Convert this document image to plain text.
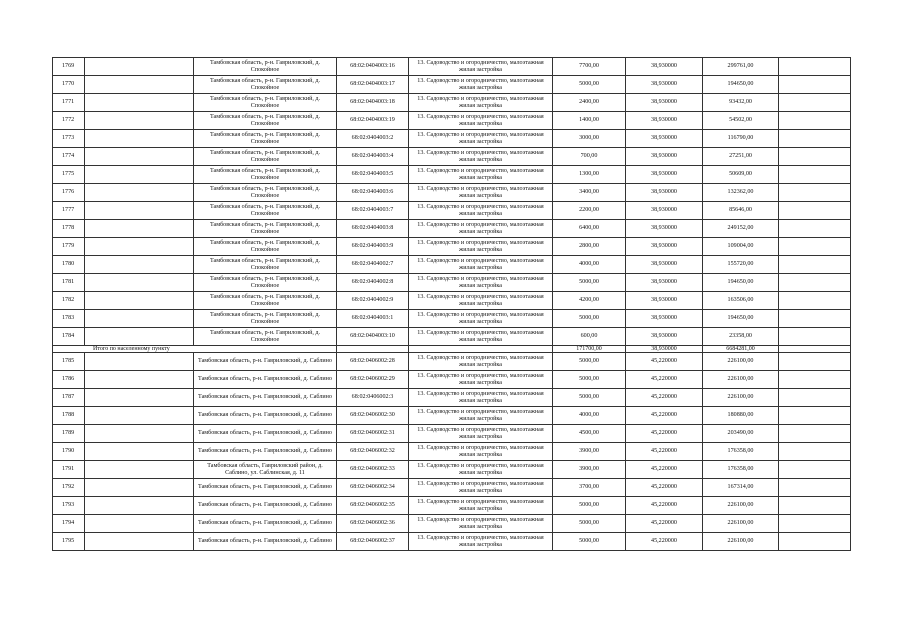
1769		Тамбовская область, р-н. Гавриловский, д. Спокойное	68:02:0404003:16	13. Садоводство и огородничество, малоэтажная жилая застройка	7700,00	38,930000	299761,00	
1770		Тамбовская область, р-н. Гавриловский, д. Спокойное	68:02:0404003:17	13. Садоводство и огородничество, малоэтажная жилая застройка	5000,00	38,930000	194650,00	
1771		Тамбовская область, р-н. Гавриловский, д. Спокойное	68:02:0404003:18	13. Садоводство и огородничество, малоэтажная жилая застройка	2400,00	38,930000	93432,00	
1772		Тамбовская область, р-н. Гавриловский, д. Спокойное	68:02:0404003:19	13. Садоводство и огородничество, малоэтажная жилая застройка	1400,00	38,930000	54502,00	
1773		Тамбовская область, р-н. Гавриловский, д. Спокойное	68:02:0404003:2	13. Садоводство и огородничество, малоэтажная жилая застройка	3000,00	38,930000	116790,00	
1774		Тамбовская область, р-н. Гавриловский, д. Спокойное	68:02:0404003:4	13. Садоводство и огородничество, малоэтажная жилая застройка	700,00	38,930000	27251,00	
1775		Тамбовская область, р-н. Гавриловский, д. Спокойное	68:02:0404003:5	13. Садоводство и огородничество, малоэтажная жилая застройка	1300,00	38,930000	50609,00	
1776		Тамбовская область, р-н. Гавриловский, д. Спокойное	68:02:0404003:6	13. Садоводство и огородничество, малоэтажная жилая застройка	3400,00	38,930000	132362,00	
1777		Тамбовская область, р-н. Гавриловский, д. Спокойное	68:02:0404003:7	13. Садоводство и огородничество, малоэтажная жилая застройка	2200,00	38,930000	85646,00	
1778		Тамбовская область, р-н. Гавриловский, д. Спокойное	68:02:0404003:8	13. Садоводство и огородничество, малоэтажная жилая застройка	6400,00	38,930000	249152,00	
1779		Тамбовская область, р-н. Гавриловский, д. Спокойное	68:02:0404003:9	13. Садоводство и огородничество, малоэтажная жилая застройка	2800,00	38,930000	109004,00	
1780		Тамбовская область, р-н. Гавриловский, д. Спокойное	68:02:0404002:7	13. Садоводство и огородничество, малоэтажная жилая застройка	4000,00	38,930000	155720,00	
1781		Тамбовская область, р-н. Гавриловский, д. Спокойное	68:02:0404002:8	13. Садоводство и огородничество, малоэтажная жилая застройка	5000,00	38,930000	194650,00	
1782		Тамбовская область, р-н. Гавриловский, д. Спокойное	68:02:0404002:9	13. Садоводство и огородничество, малоэтажная жилая застройка	4200,00	38,930000	163506,00	
1783		Тамбовская область, р-н. Гавриловский, д. Спокойное	68:02:0404003:1	13. Садоводство и огородничество, малоэтажная жилая застройка	5000,00	38,930000	194650,00	
1784		Тамбовская область, р-н. Гавриловский, д. Спокойное	68:02:0404003:10	13. Садоводство и огородничество, малоэтажная жилая застройка	600,00	38,930000	23358,00	
Итого по населенному пункту					171700,00	38,930000	6684281,00	
1785		Тамбовская область, р-н. Гавриловский, д. Саблино	68:02:0406002:28	13. Садоводство и огородничество, малоэтажная жилая застройка	5000,00	45,220000	226100,00	
1786		Тамбовская область, р-н. Гавриловский, д. Саблино	68:02:0406002:29	13. Садоводство и огородничество, малоэтажная жилая застройка	5000,00	45,220000	226100,00	
1787		Тамбовская область, р-н. Гавриловский, д. Саблино	68:02:0406002:3	13. Садоводство и огородничество, малоэтажная жилая застройка	5000,00	45,220000	226100,00	
1788		Тамбовская область, р-н. Гавриловский, д. Саблино	68:02:0406002:30	13. Садоводство и огородничество, малоэтажная жилая застройка	4000,00	45,220000	180880,00	
1789		Тамбовская область, р-н. Гавриловский, д. Саблино	68:02:0406002:31	13. Садоводство и огородничество, малоэтажная жилая застройка	4500,00	45,220000	203490,00	
1790		Тамбовская область, р-н. Гавриловский, д. Саблино	68:02:0406002:32	13. Садоводство и огородничество, малоэтажная жилая застройка	3900,00	45,220000	176358,00	
1791		Тамбовская область, Гавриловский район, д. Саблино, ул. Саблинская, д. 11	68:02:0406002:33	13. Садоводство и огородничество, малоэтажная жилая застройка	3900,00	45,220000	176358,00	
1792		Тамбовская область, р-н. Гавриловский, д. Саблино	68:02:0406002:34	13. Садоводство и огородничество, малоэтажная жилая застройка	3700,00	45,220000	167314,00	
1793		Тамбовская область, р-н. Гавриловский, д. Саблино	68:02:0406002:35	13. Садоводство и огородничество, малоэтажная жилая застройка	5000,00	45,220000	226100,00	
1794		Тамбовская область, р-н. Гавриловский, д. Саблино	68:02:0406002:36	13. Садоводство и огородничество, малоэтажная жилая застройка	5000,00	45,220000	226100,00	
1795		Тамбовская область, р-н. Гавриловский, д. Саблино	68:02:0406002:37	13. Садоводство и огородничество, малоэтажная жилая застройка	5000,00	45,220000	226100,00	
